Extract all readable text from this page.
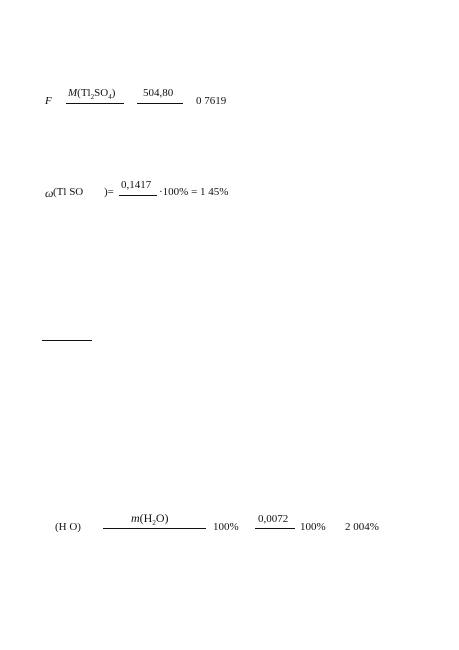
F
$M(Tl_2SO_4)$	504,80
0 7619
ω (Tl SO )=
0,1417
·100% = 1 45%
(H O)
$m(H_2O)$
100%
0,0072
100% 2 004%
